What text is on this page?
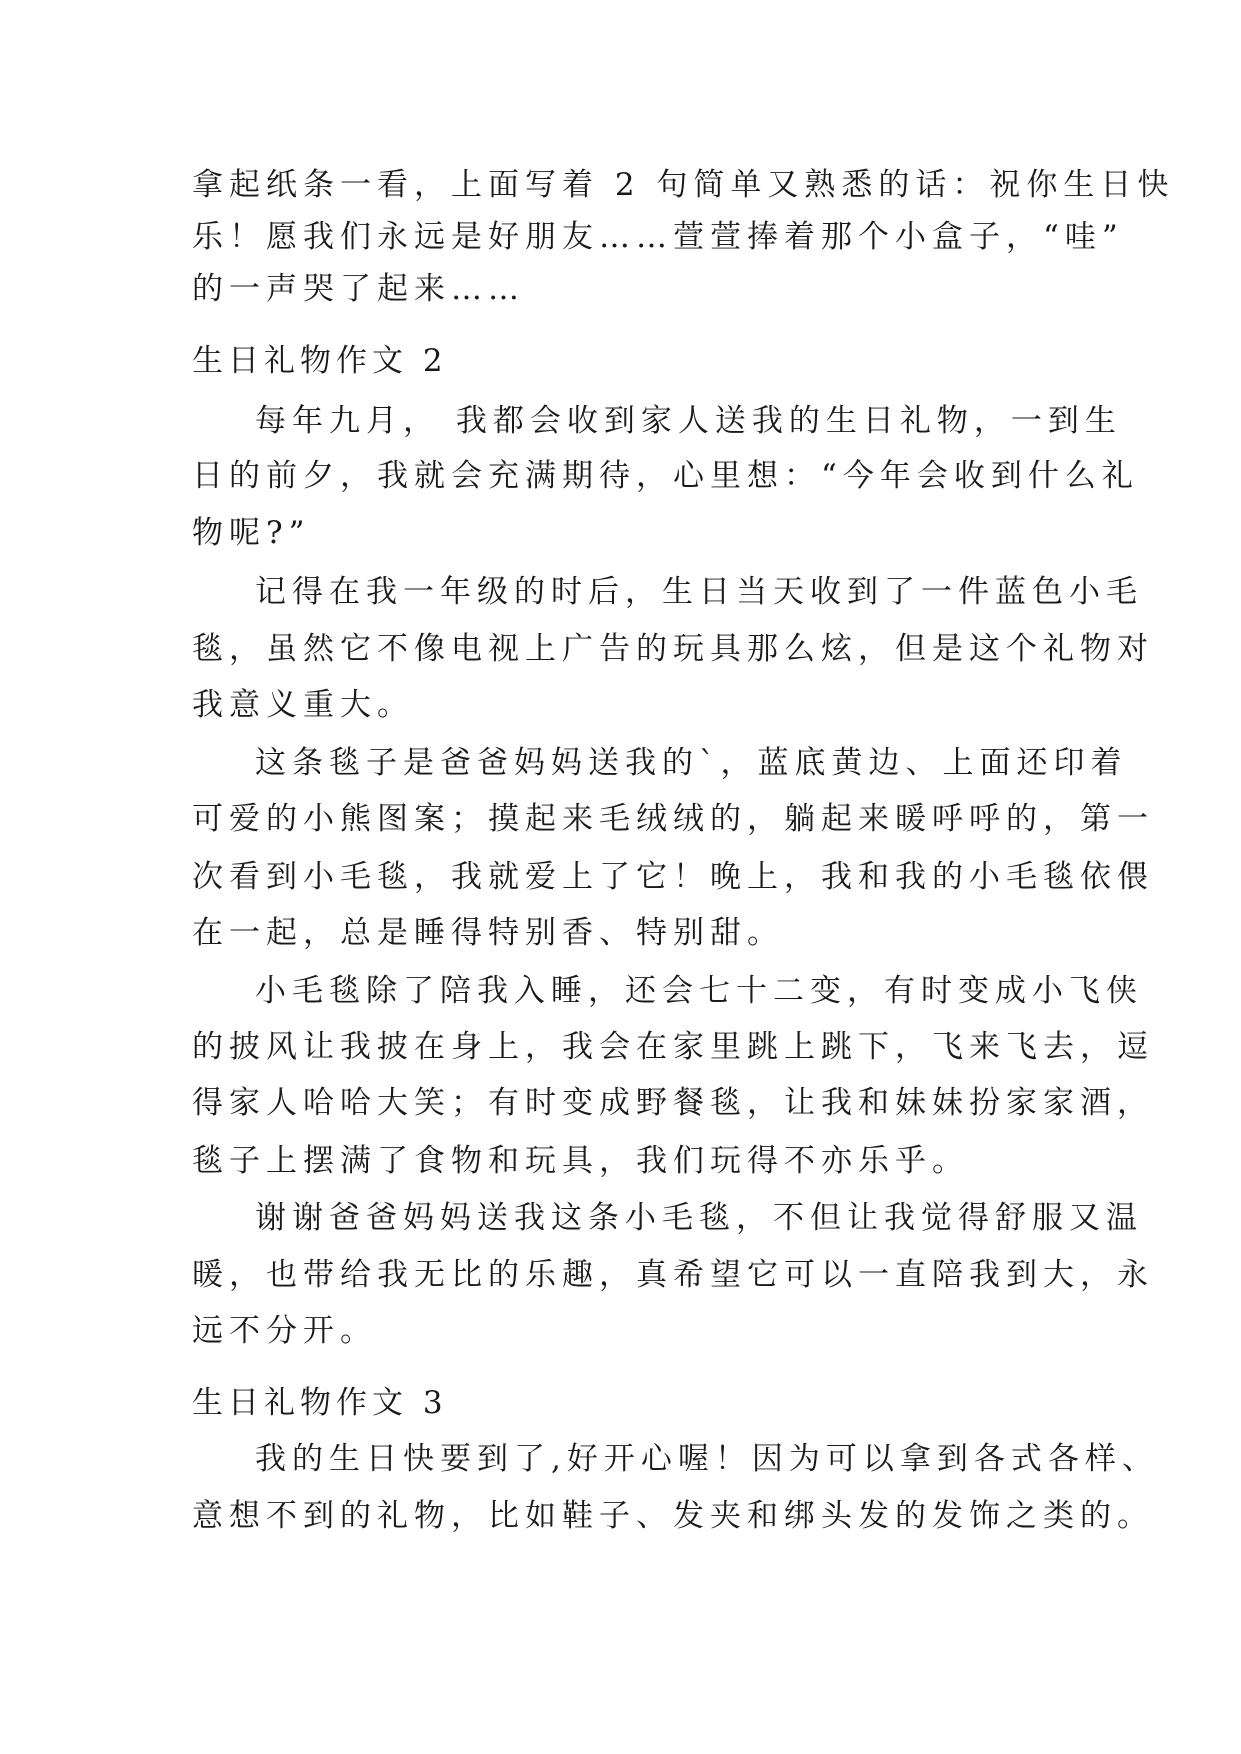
拿起纸条一看，上面写着 2 句简单又熟悉的话：祝你生日快
乐！愿我们永远是好朋友……萱萱捧着那个小盒子，“哇”
的一声哭了起来……
生日礼物作文 2
每年九月， 我都会收到家人送我的生日礼物，一到生
日的前夕，我就会充满期待，心里想：“今年会收到什么礼
物呢?”
记得在我一年级的时后，生日当天收到了一件蓝色小毛
毯，虽然它不像电视上广告的玩具那么炫，但是这个礼物对
我意义重大。
这条毯子是爸爸妈妈送我的`，蓝底黄边、上面还印着
可爱的小熊图案；摸起来毛绒绒的，躺起来暖呼呼的，第一
次看到小毛毯，我就爱上了它！晚上，我和我的小毛毯依偎
在一起，总是睡得特别香、特别甜。
小毛毯除了陪我入睡，还会七十二变，有时变成小飞侠
的披风让我披在身上，我会在家里跳上跳下，飞来飞去，逗
得家人哈哈大笑；有时变成野餐毯，让我和妹妹扮家家酒，
毯子上摆满了食物和玩具，我们玩得不亦乐乎。
谢谢爸爸妈妈送我这条小毛毯，不但让我觉得舒服又温
暖，也带给我无比的乐趣，真希望它可以一直陪我到大，永
远不分开。
生日礼物作文 3
我的生日快要到了,好开心喔！因为可以拿到各式各样、
意想不到的礼物，比如鞋子、发夹和绑头发的发饰之类的。
